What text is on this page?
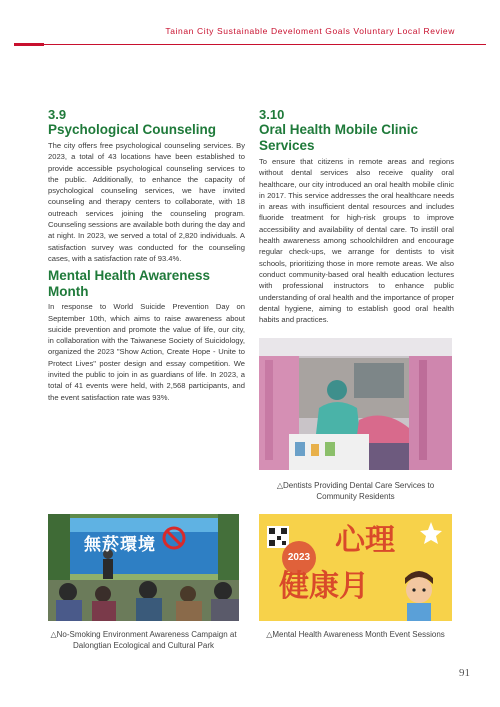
Tainan City Sustainable Develoment Goals Voluntary Local Review
3.9
Psychological Counseling

The city offers free psychological counseling services. By 2023, a total of 43 locations have been established to provide accessible psychological counseling services to the public. Additionally, to enhance the capacity of psychological counseling services, we have invited counseling and therapy centers to collaborate, with 18 outreach services joining the counseling program. Counseling sessions are available both during the day and at night. In 2023, we served a total of 2,820 individuals. A satisfaction survey was conducted for the counseling cases, with a satisfaction rate of 93.4%.

Mental Health Awareness Month

In response to World Suicide Prevention Day on September 10th, which aims to raise awareness about suicide prevention and promote the value of life, our city, in collaboration with the Taiwanese Society of Suicidology, organized the 2023 "Show Action, Create Hope - Unite to Protect Lives" poster design and essay competition. We invited the public to join in as guardians of life. In 2023, a total of 41 events were held, with 2,568 participants, and the event satisfaction rate was 93%.

3.10
Oral Health Mobile Clinic Services

To ensure that citizens in remote areas and regions without dental services also receive quality oral healthcare, our city introduced an oral health mobile clinic in 2017. This service addresses the oral healthcare needs in areas with insufficient dental resources and includes fluoride treatment for high-risk groups to improve accessibility and availability of dental care. To instill oral health awareness among schoolchildren and encourage regular check-ups, we arrange for dentists to visit schools, prioritizing those in more remote areas. We also conduct community-based oral health education lectures with professional instructors to enhance public understanding of oral health and the importance of proper dental hygiene, aiming to establish good oral health habits and practices.

△Dentists Providing Dental Care Services to Community Residents
無菸環境
△No-Smoking Environment Awareness Campaign at Dalongtian Ecological and Cultural Park
2023 心理
健康月
△Mental Health Awareness Month Event Sessions
91
